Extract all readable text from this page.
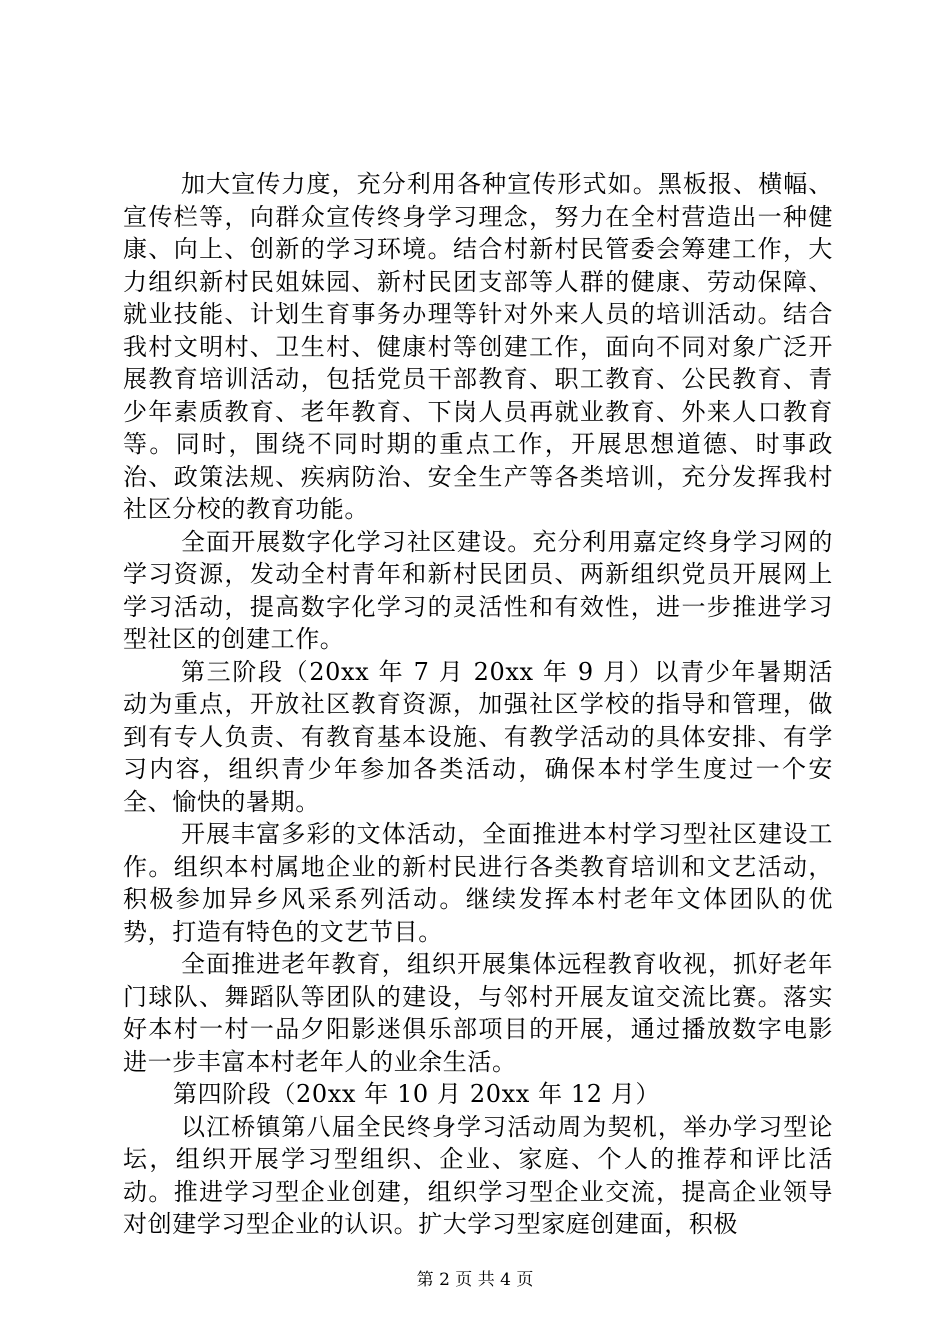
加大宣传力度，充分利用各种宣传形式如。黑板报、横幅、宣传栏等，向群众宣传终身学习理念，努力在全村营造出一种健康、向上、创新的学习环境。结合村新村民管委会筹建工作，大力组织新村民姐妹园、新村民团支部等人群的健康、劳动保障、就业技能、计划生育事务办理等针对外来人员的培训活动。结合我村文明村、卫生村、健康村等创建工作，面向不同对象广泛开展教育培训活动，包括党员干部教育、职工教育、公民教育、青少年素质教育、老年教育、下岗人员再就业教育、外来人口教育等。同时，围绕不同时期的重点工作，开展思想道德、时事政治、政策法规、疾病防治、安全生产等各类培训，充分发挥我村社区分校的教育功能。

全面开展数字化学习社区建设。充分利用嘉定终身学习网的学习资源，发动全村青年和新村民团员、两新组织党员开展网上学习活动，提高数字化学习的灵活性和有效性，进一步推进学习型社区的创建工作。

第三阶段（20xx 年 7 月 20xx 年 9 月）以青少年暑期活动为重点，开放社区教育资源，加强社区学校的指导和管理，做到有专人负责、有教育基本设施、有教学活动的具体安排、有学习内容，组织青少年参加各类活动，确保本村学生度过一个安全、愉快的暑期。

开展丰富多彩的文体活动，全面推进本村学习型社区建设工作。组织本村属地企业的新村民进行各类教育培训和文艺活动，积极参加异乡风采系列活动。继续发挥本村老年文体团队的优势，打造有特色的文艺节目。

全面推进老年教育，组织开展集体远程教育收视，抓好老年门球队、舞蹈队等团队的建设，与邻村开展友谊交流比赛。落实好本村一村一品夕阳影迷俱乐部项目的开展，通过播放数字电影进一步丰富本村老年人的业余生活。

第四阶段（20xx 年 10 月 20xx 年 12 月）

以江桥镇第八届全民终身学习活动周为契机，举办学习型论坛，组织开展学习型组织、企业、家庭、个人的推荐和评比活动。推进学习型企业创建，组织学习型企业交流，提高企业领导对创建学习型企业的认识。扩大学习型家庭创建面，积极

第 2 页 共 4 页
